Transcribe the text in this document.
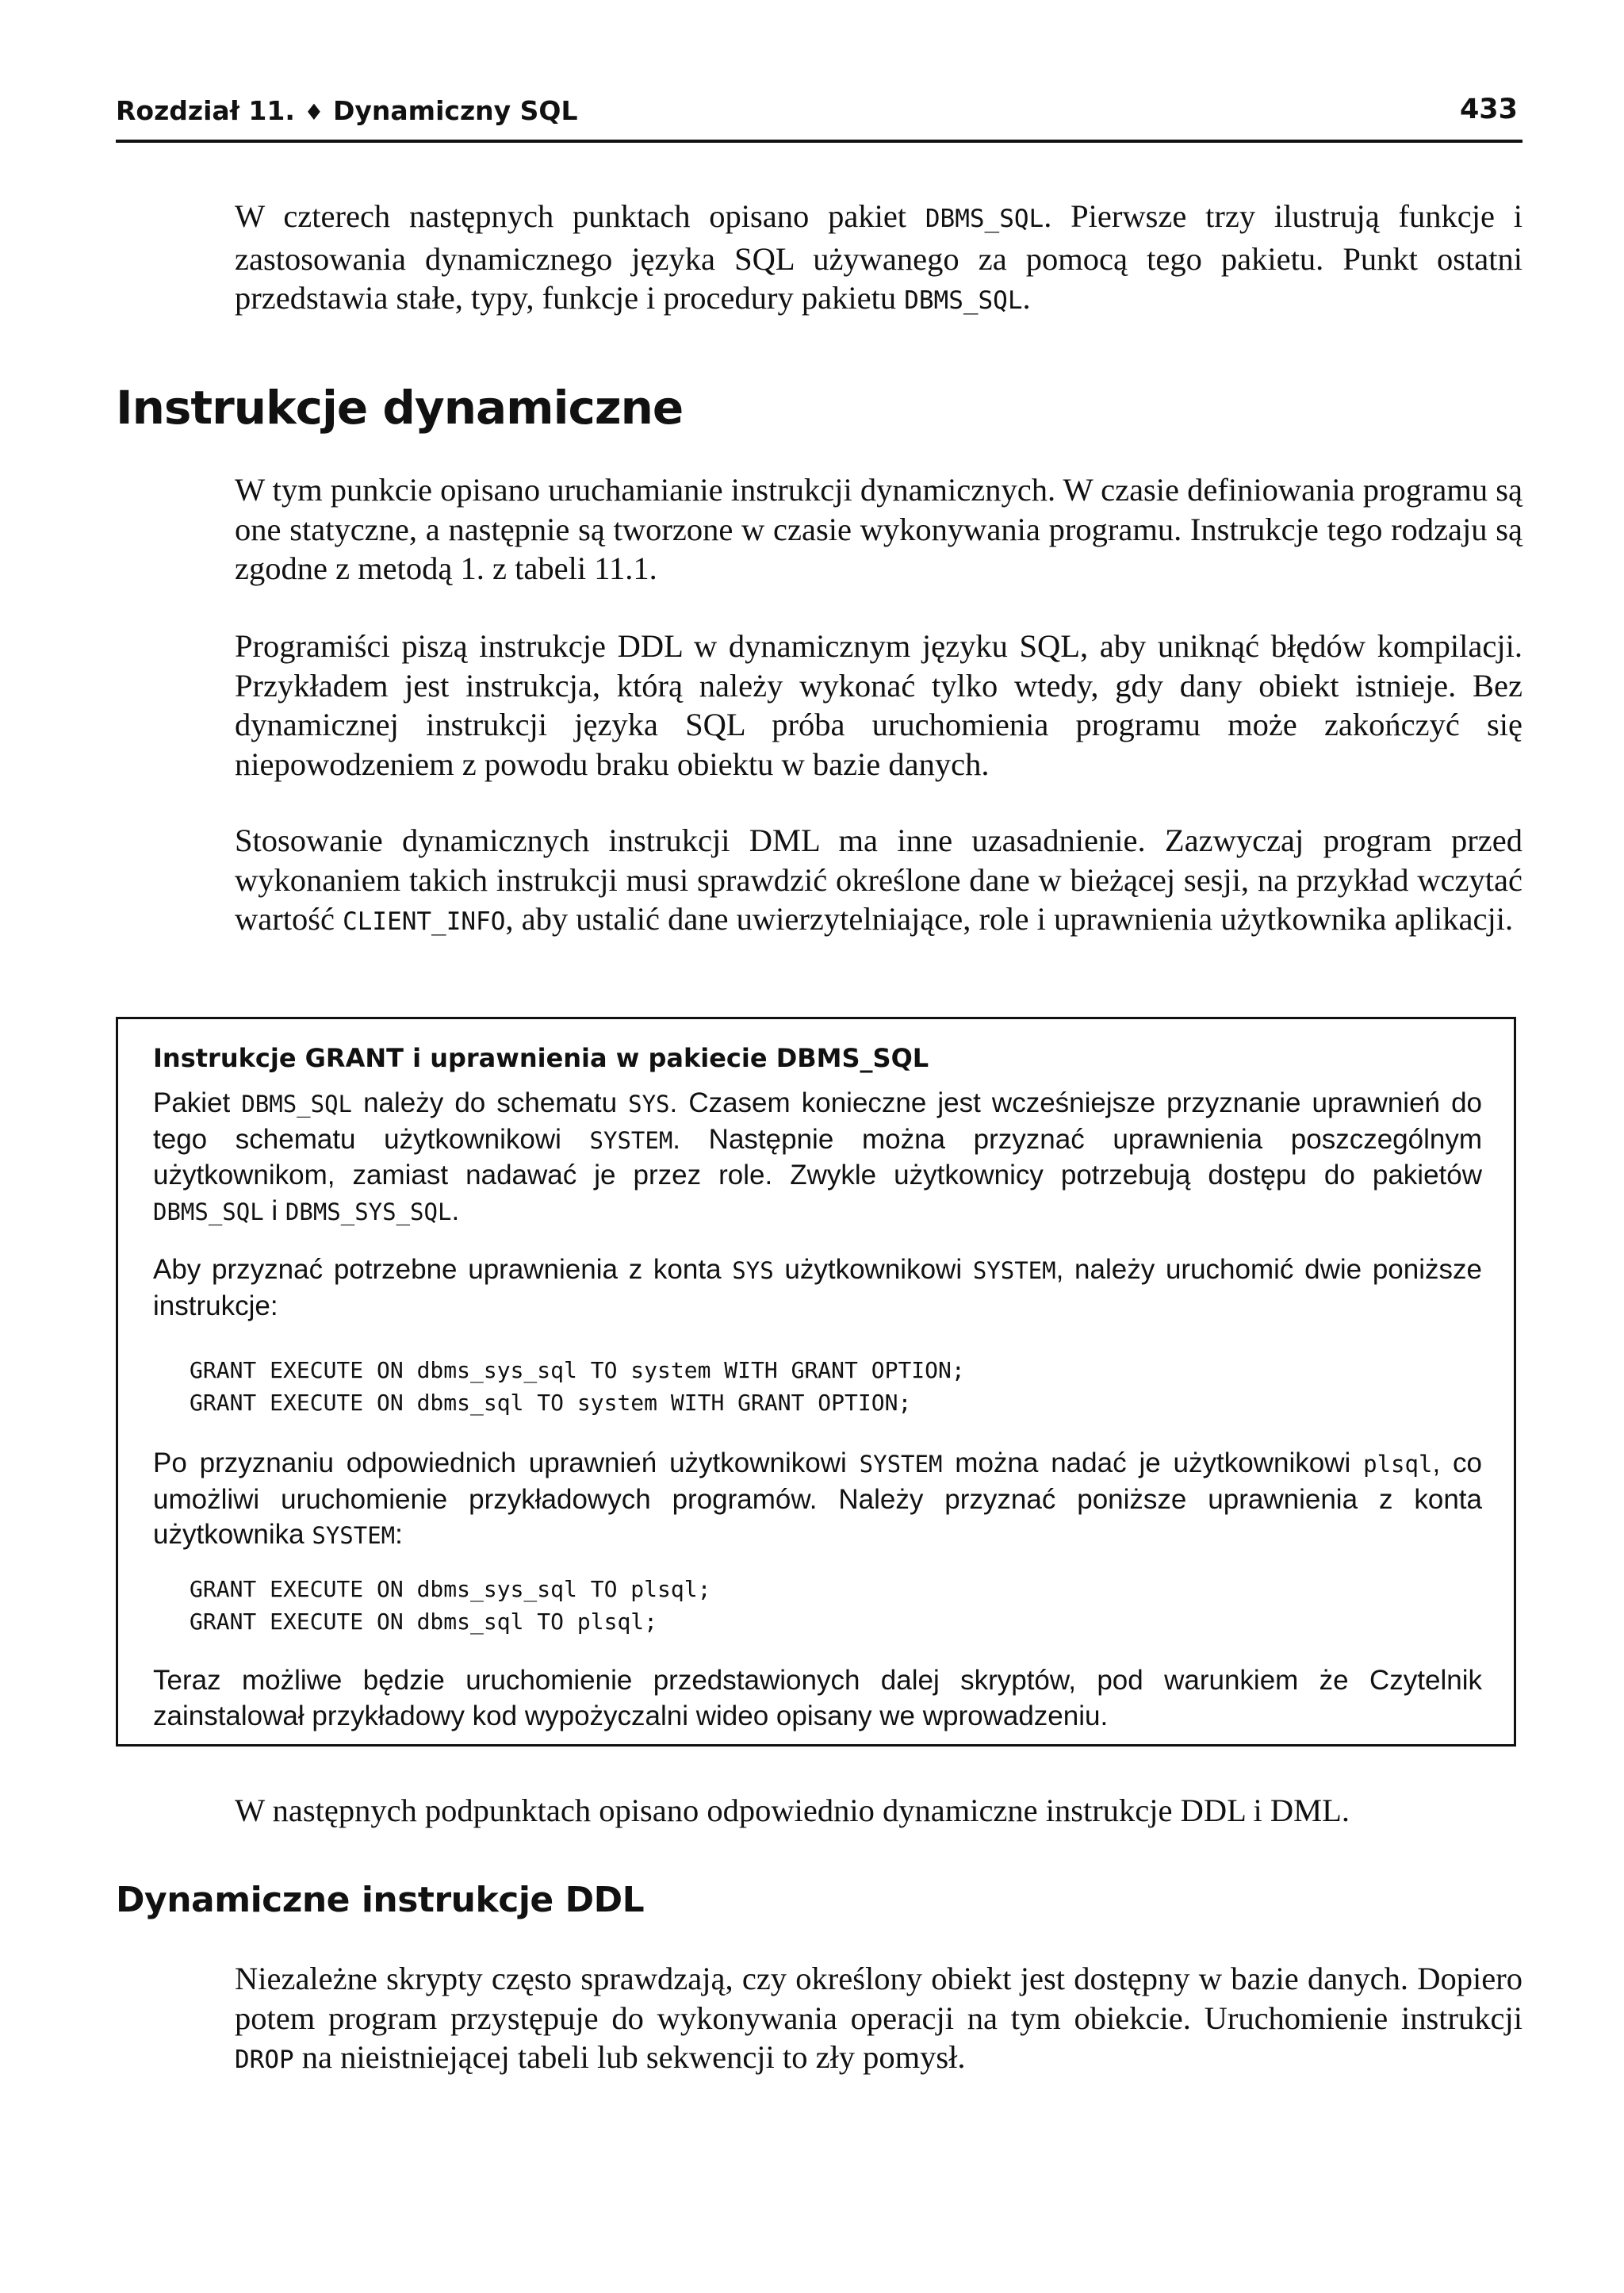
Rozdział 11. ♦ Dynamiczny SQL	433

W czterech następnych punktach opisano pakiet DBMS_SQL. Pierwsze trzy ilustrują funkcje i zastosowania dynamicznego języka SQL używanego za pomocą tego pakietu. Punkt ostatni przedstawia stałe, typy, funkcje i procedury pakietu DBMS_SQL.

Instrukcje dynamiczne

W tym punkcie opisano uruchamianie instrukcji dynamicznych. W czasie definiowania programu są one statyczne, a następnie są tworzone w czasie wykonywania programu. Instrukcje tego rodzaju są zgodne z metodą 1. z tabeli 11.1.

Programiści piszą instrukcje DDL w dynamicznym języku SQL, aby uniknąć błędów kompilacji. Przykładem jest instrukcja, którą należy wykonać tylko wtedy, gdy dany obiekt istnieje. Bez dynamicznej instrukcji języka SQL próba uruchomienia programu może zakończyć się niepowodzeniem z powodu braku obiektu w bazie danych.

Stosowanie dynamicznych instrukcji DML ma inne uzasadnienie. Zazwyczaj program przed wykonaniem takich instrukcji musi sprawdzić określone dane w bieżącej sesji, na przykład wczytać wartość CLIENT_INFO, aby ustalić dane uwierzytelniające, role i uprawnienia użytkownika aplikacji.

Instrukcje GRANT i uprawnienia w pakiecie DBMS_SQL

Pakiet DBMS_SQL należy do schematu SYS. Czasem konieczne jest wcześniejsze przyznanie uprawnień do tego schematu użytkownikowi SYSTEM. Następnie można przyznać uprawnienia poszczególnym użytkownikom, zamiast nadawać je przez role. Zwykle użytkownicy potrzebują dostępu do pakietów DBMS_SQL i DBMS_SYS_SQL.

Aby przyznać potrzebne uprawnienia z konta SYS użytkownikowi SYSTEM, należy uruchomić dwie poniższe instrukcje:

GRANT EXECUTE ON dbms_sys_sql TO system WITH GRANT OPTION;
GRANT EXECUTE ON dbms_sql TO system WITH GRANT OPTION;

Po przyznaniu odpowiednich uprawnień użytkownikowi SYSTEM można nadać je użytkownikowi plsql, co umożliwi uruchomienie przykładowych programów. Należy przyznać poniższe uprawnienia z konta użytkownika SYSTEM:

GRANT EXECUTE ON dbms_sys_sql TO plsql;
GRANT EXECUTE ON dbms_sql TO plsql;

Teraz możliwe będzie uruchomienie przedstawionych dalej skryptów, pod warunkiem że Czytelnik zainstalował przykładowy kod wypożyczalni wideo opisany we wprowadzeniu.

W następnych podpunktach opisano odpowiednio dynamiczne instrukcje DDL i DML.

Dynamiczne instrukcje DDL

Niezależne skrypty często sprawdzają, czy określony obiekt jest dostępny w bazie danych. Dopiero potem program przystępuje do wykonywania operacji na tym obiekcie. Uruchomienie instrukcji DROP na nieistniejącej tabeli lub sekwencji to zły pomysł.
